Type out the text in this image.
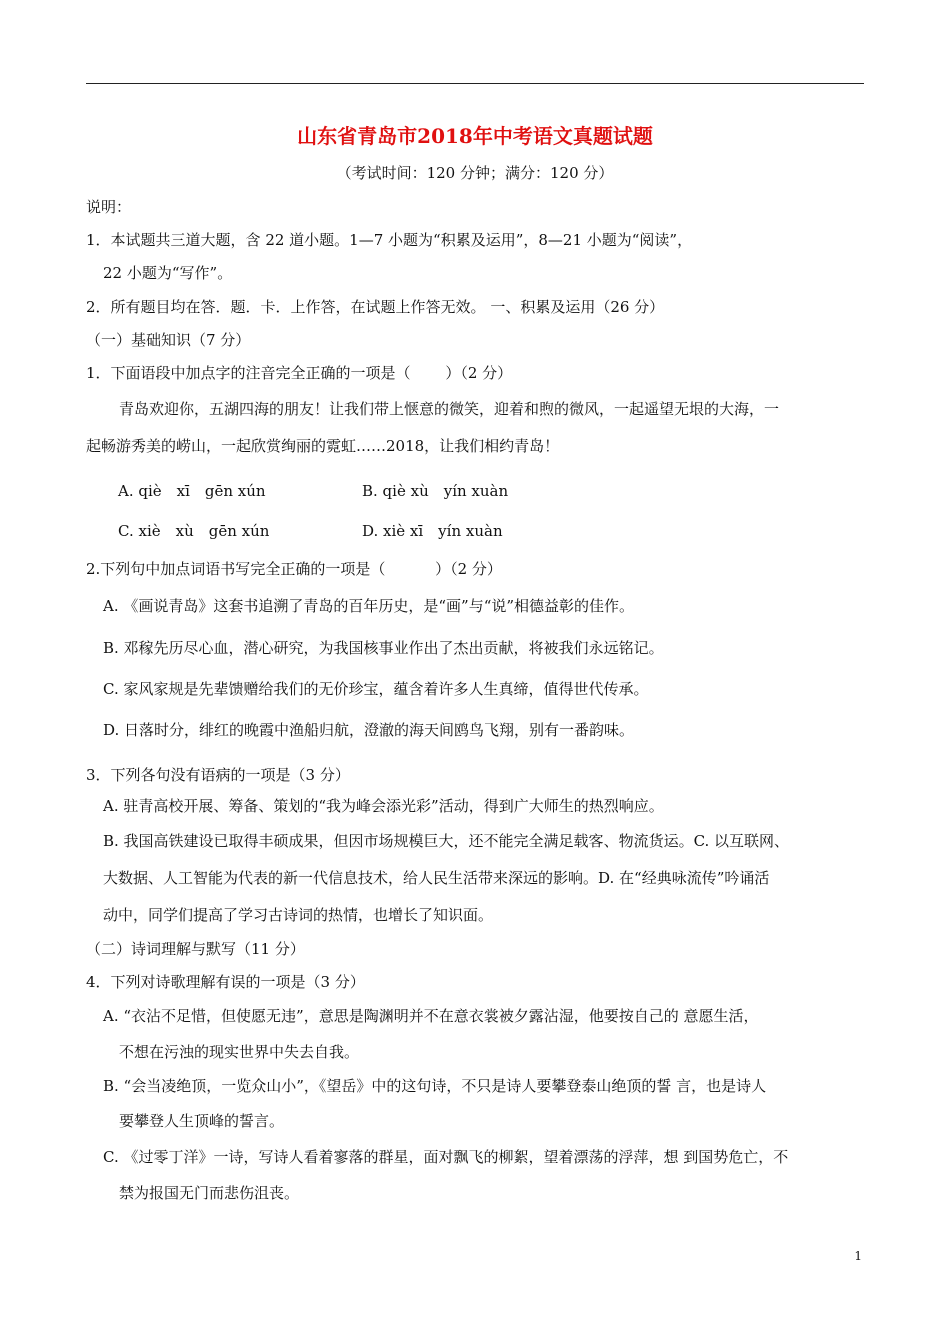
山东省青岛市2018年中考语文真题试题
（考试时间：120 分钟；满分：120 分）
说明：
1．本试题共三道大题，含 22 道小题。1—7 小题为“积累及运用”，8—21 小题为“阅读”，
22 小题为“写作”。
2．所有题目均在答．题．卡．上作答，在试题上作答无效。 一、积累及运用（26 分）
（一）基础知识（7 分）
1．下面语段中加点字的注音完全正确的一项是（　　 ）（2 分）
青岛欢迎你，五湖四海的朋友！让我们带上惬意的微笑，迎着和煦的微风，一起遥望无垠的大海，一
起畅游秀美的崂山，一起欣赏绚丽的霓虹……2018，让我们相约青岛！
A. qiè　xī　gēn xún	B. qiè xù　yín xuàn
C. xiè　xù　gēn xún	D. xiè xī　yín xuàn
2.下列句中加点词语书写完全正确的一项是（　　　 ）（2 分）
A. 《画说青岛》这套书追溯了青岛的百年历史，是“画”与“说”相德益彰的佳作。
B. 邓稼先历尽心血，潜心研究，为我国核事业作出了杰出贡献，将被我们永远铭记。
C. 家风家规是先辈馈赠给我们的无价珍宝，蕴含着许多人生真缔，值得世代传承。
D. 日落时分，绯红的晚霞中渔船归航，澄澈的海天间鸥鸟飞翔，别有一番韵味。
3．下列各句没有语病的一项是（3 分）
A. 驻青高校开展、筹备、策划的“我为峰会添光彩”活动，得到广大师生的热烈响应。
B. 我国高铁建设已取得丰硕成果，但因市场规模巨大，还不能完全满足载客、物流货运。C. 以互联网、
大数据、人工智能为代表的新一代信息技术，给人民生活带来深远的影响。D. 在“经典咏流传”吟诵活
动中，同学们提高了学习古诗词的热情，也增长了知识面。
（二）诗词理解与默写（11 分）
4．下列对诗歌理解有误的一项是（3 分）
A. “衣沾不足惜，但使愿无违”，意思是陶渊明并不在意衣裳被夕露沾湿，他要按自己的 意愿生活，
不想在污浊的现实世界中失去自我。
B. “会当凌绝顶，一览众山小”，《望岳》中的这句诗，不只是诗人要攀登泰山绝顶的誓 言，也是诗人
要攀登人生顶峰的誓言。
C. 《过零丁洋》一诗，写诗人看着寥落的群星，面对飘飞的柳絮，望着漂荡的浮萍，想 到国势危亡，不
禁为报国无门而悲伤沮丧。
1
